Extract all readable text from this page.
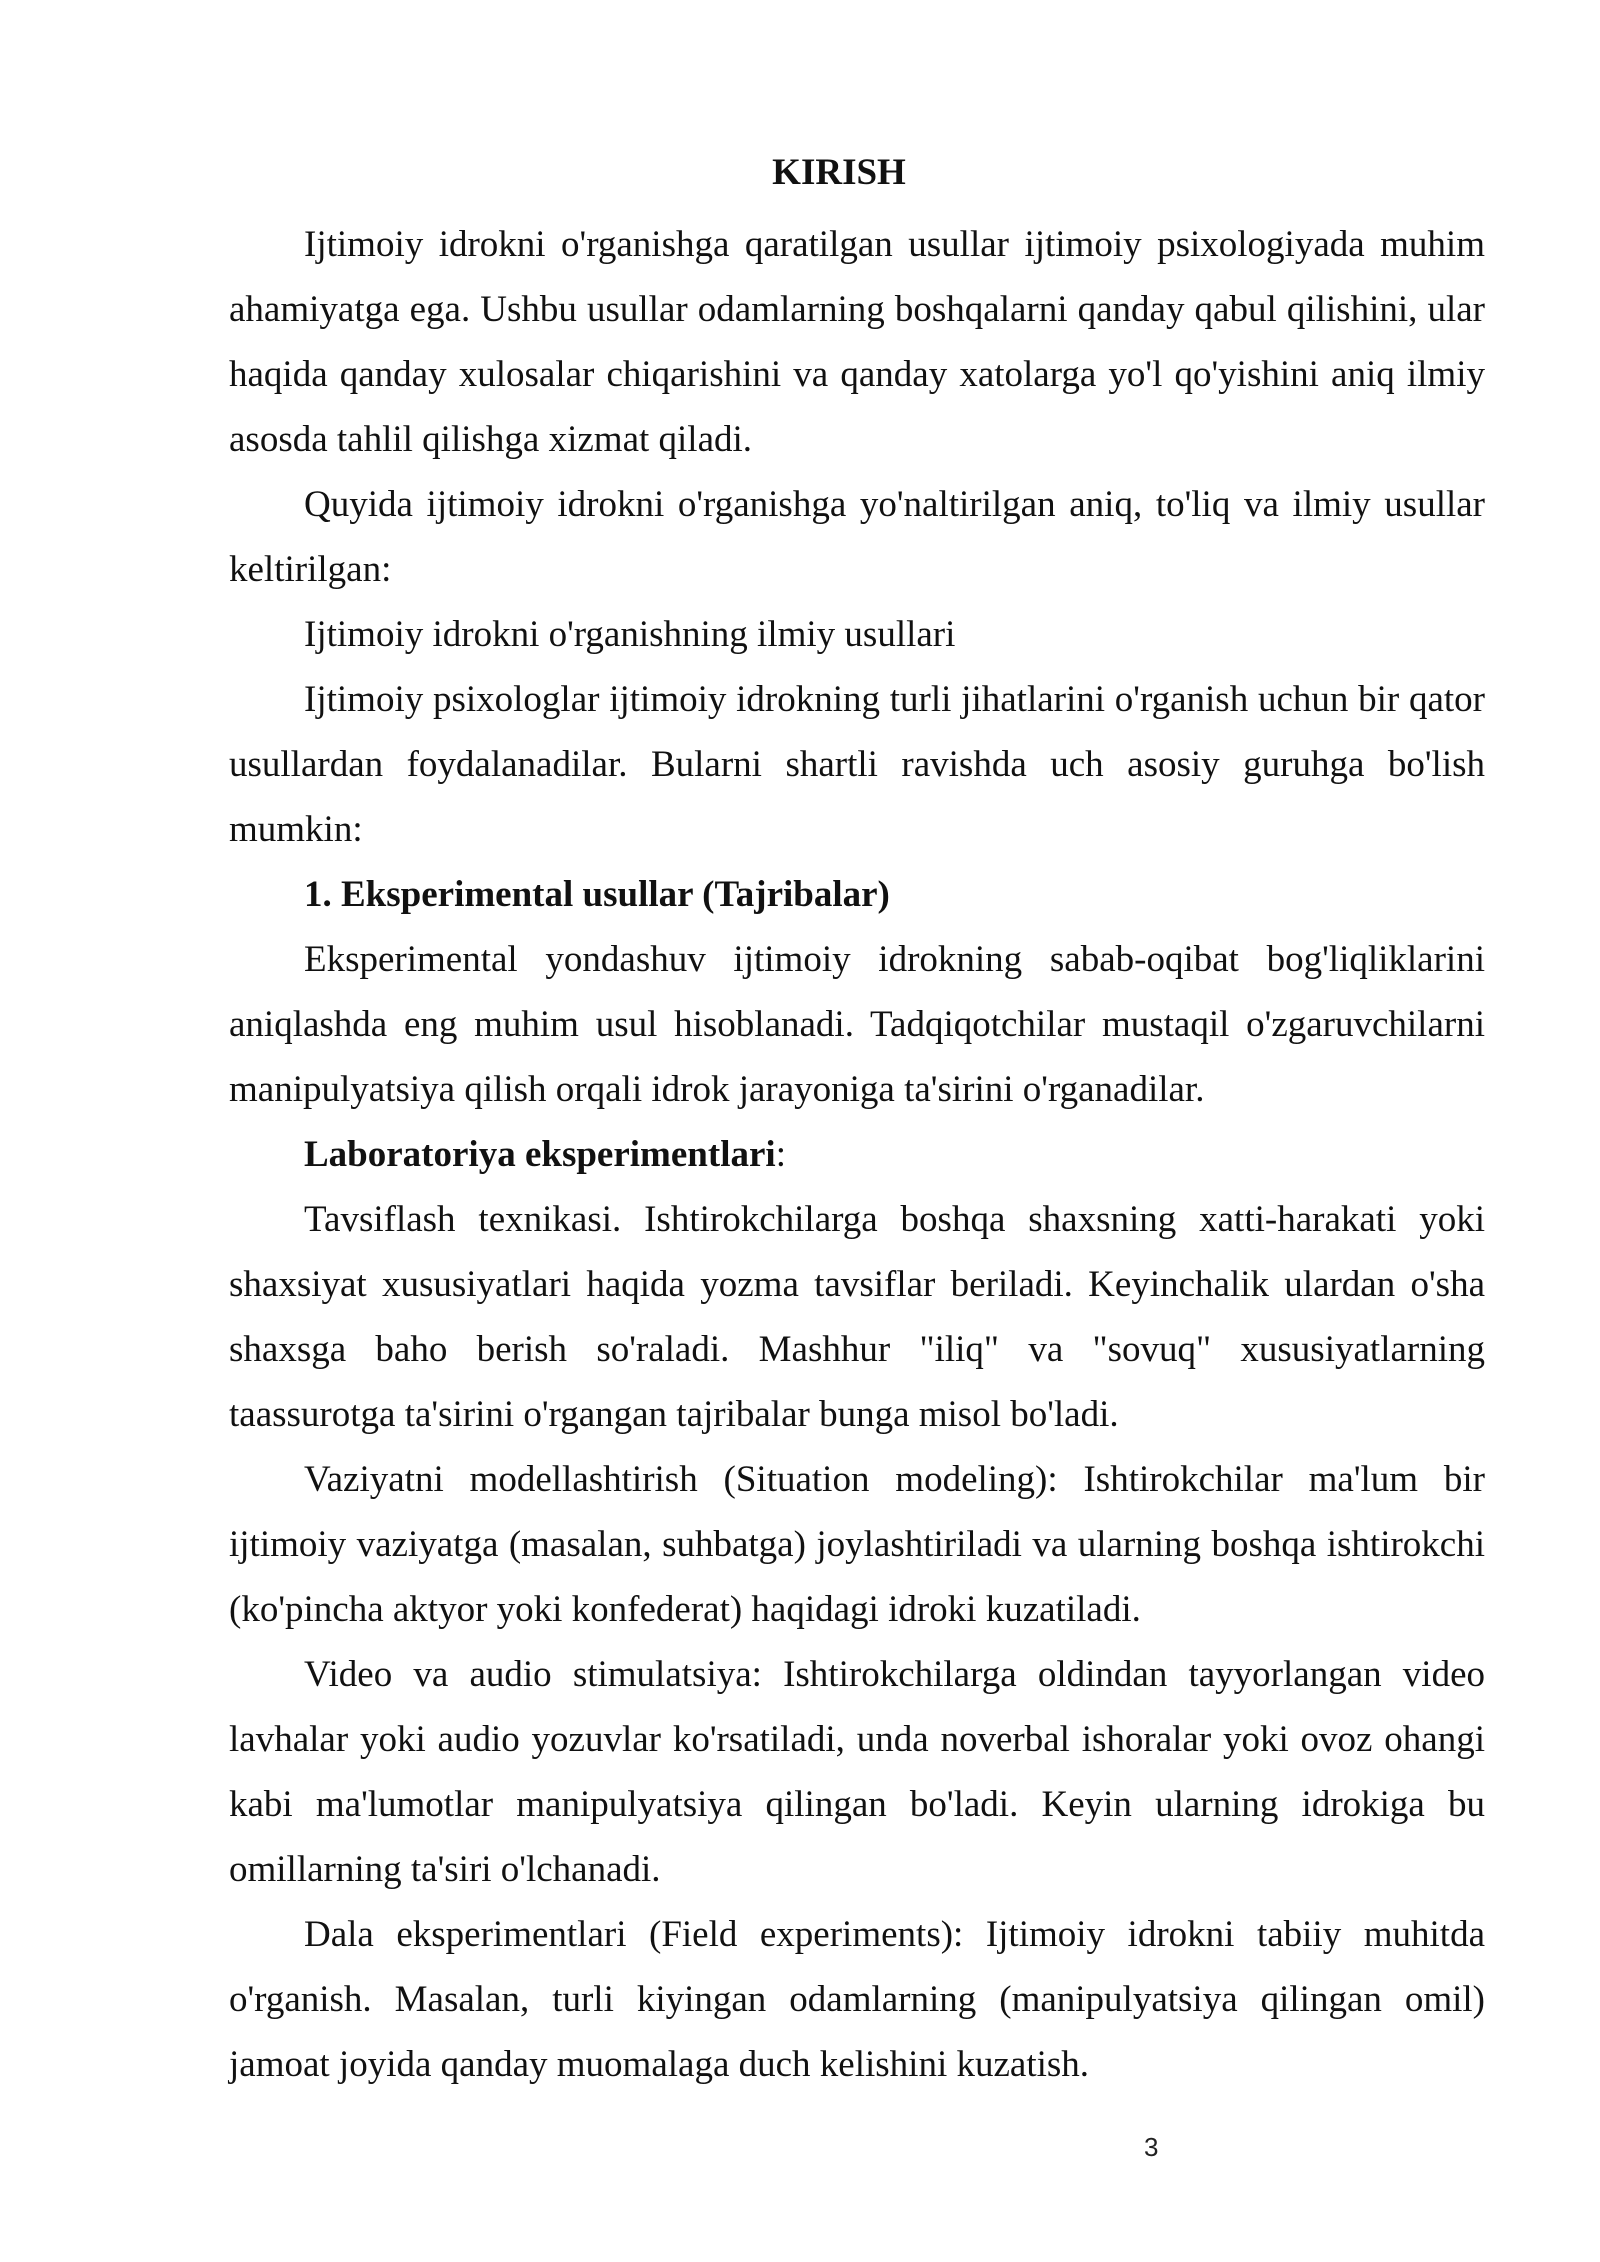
KIRISH

Ijtimoiy idrokni o'rganishga qaratilgan usullar ijtimoiy psixologiyada muhim ahamiyatga ega. Ushbu usullar odamlarning boshqalarni qanday qabul qilishini, ular haqida qanday xulosalar chiqarishini va qanday xatolarga yo'l qo'yishini aniq ilmiy asosda tahlil qilishga xizmat qiladi.

Quyida ijtimoiy idrokni o'rganishga yo'naltirilgan aniq, to'liq va ilmiy usullar keltirilgan:

Ijtimoiy idrokni o'rganishning ilmiy usullari

Ijtimoiy psixologlar ijtimoiy idrokning turli jihatlarini o'rganish uchun bir qator usullardan foydalanadilar. Bularni shartli ravishda uch asosiy guruhga bo'lish mumkin:

1. Eksperimental usullar (Tajribalar)

Eksperimental yondashuv ijtimoiy idrokning sabab-oqibat bog'liqliklarini aniqlashda eng muhim usul hisoblanadi. Tadqiqotchilar mustaqil o'zgaruvchilarni manipulyatsiya qilish orqali idrok jarayoniga ta'sirini o'rganadilar.

Laboratoriya eksperimentlari:

Tavsiflash texnikasi. Ishtirokchilarga boshqa shaxsning xatti-harakati yoki shaxsiyat xususiyatlari haqida yozma tavsiflar beriladi. Keyinchalik ulardan o'sha shaxsga baho berish so'raladi. Mashhur "iliq" va "sovuq" xususiyatlarning taassurotga ta'sirini o'rgangan tajribalar bunga misol bo'ladi.

Vaziyatni modellashtirish (Situation modeling): Ishtirokchilar ma'lum bir ijtimoiy vaziyatga (masalan, suhbatga) joylashtiriladi va ularning boshqa ishtirokchi (ko'pincha aktyor yoki konfederat) haqidagi idroki kuzatiladi.

Video va audio stimulatsiya: Ishtirokchilarga oldindan tayyorlangan video lavhalar yoki audio yozuvlar ko'rsatiladi, unda noverbal ishoralar yoki ovoz ohangi kabi ma'lumotlar manipulyatsiya qilingan bo'ladi. Keyin ularning idrokiga bu omillarning ta'siri o'lchanadi.

Dala eksperimentlari (Field experiments): Ijtimoiy idrokni tabiiy muhitda o'rganish. Masalan, turli kiyingan odamlarning (manipulyatsiya qilingan omil) jamoat joyida qanday muomalaga duch kelishini kuzatish.

3
